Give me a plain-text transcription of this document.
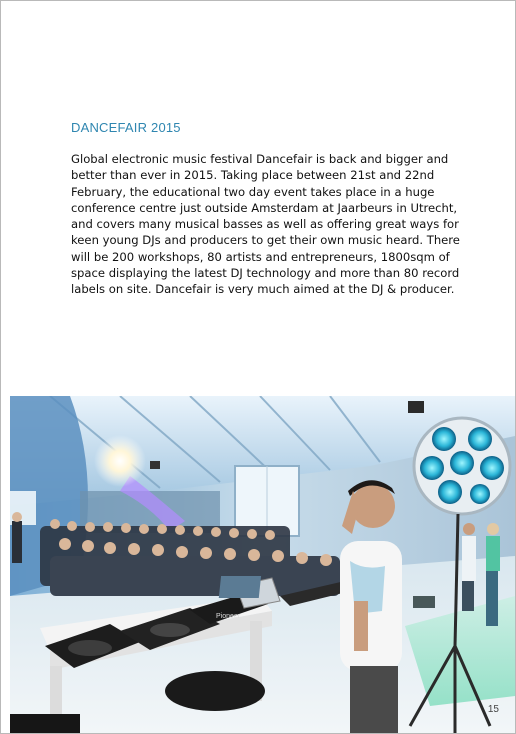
DANCEFAIR 2015
Global electronic music festival Dancefair is back and bigger and better than ever in 2015. Taking place between 21st and 22nd February, the educational two day event takes place in a huge conference centre just outside Amsterdam at Jaarbeurs in Utrecht, and covers many musical basses as well as offering great ways for keen young DJs and producers to get their own music heard. There will be 200 workshops, 80 artists and entrepreneurs, 1800sqm of space displaying the latest DJ technology and more than 80 record labels on site. Dancefair is very much aimed at the DJ & producer.
Pioneer
15
